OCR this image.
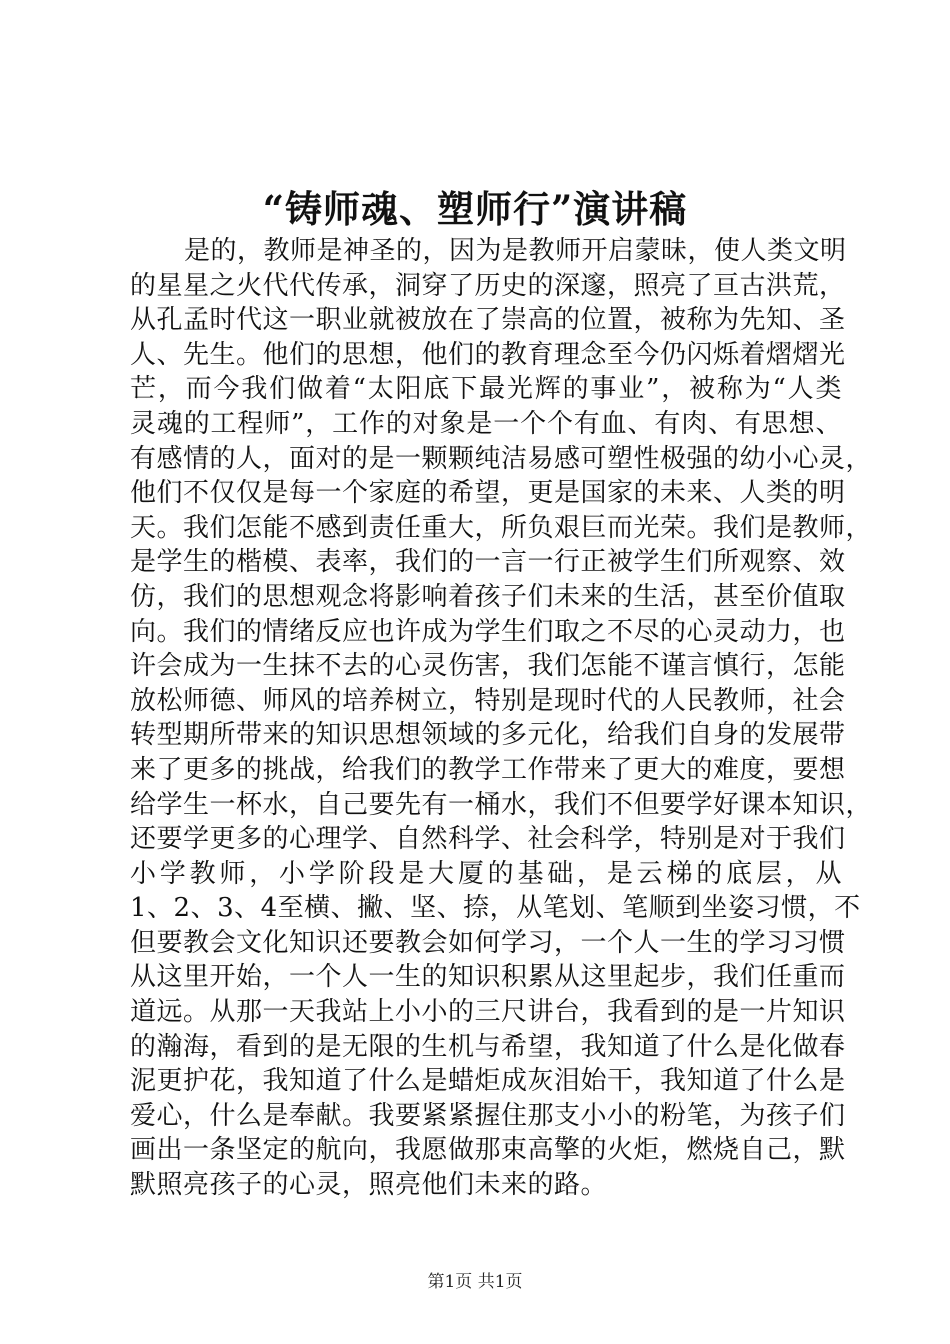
“铸师魂、塑师行”演讲稿
是的，教师是神圣的，因为是教师开启蒙昧，使人类文明
的星星之火代代传承，洞穿了历史的深邃，照亮了亘古洪荒，
从孔孟时代这一职业就被放在了崇高的位置，被称为先知、圣
人、先生。他们的思想，他们的教育理念至今仍闪烁着熠熠光
芒，而今我们做着“太阳底下最光辉的事业”，被称为“人类
灵魂的工程师”，工作的对象是一个个有血、有肉、有思想、
有感情的人，面对的是一颗颗纯洁易感可塑性极强的幼小心灵，
他们不仅仅是每一个家庭的希望，更是国家的未来、人类的明
天。我们怎能不感到责任重大，所负艰巨而光荣。我们是教师，
是学生的楷模、表率，我们的一言一行正被学生们所观察、效
仿，我们的思想观念将影响着孩子们未来的生活，甚至价值取
向。我们的情绪反应也许成为学生们取之不尽的心灵动力，也
许会成为一生抹不去的心灵伤害，我们怎能不谨言慎行，怎能
放松师德、师风的培养树立，特别是现时代的人民教师，社会
转型期所带来的知识思想领域的多元化，给我们自身的发展带
来了更多的挑战，给我们的教学工作带来了更大的难度，要想
给学生一杯水，自己要先有一桶水，我们不但要学好课本知识，
还要学更多的心理学、自然科学、社会科学，特别是对于我们
小学教师，小学阶段是大厦的基础，是云梯的底层，从
1、2、3、4至横、撇、坚、捺，从笔划、笔顺到坐姿习惯，不
但要教会文化知识还要教会如何学习，一个人一生的学习习惯
从这里开始，一个人一生的知识积累从这里起步，我们任重而
道远。从那一天我站上小小的三尺讲台，我看到的是一片知识
的瀚海，看到的是无限的生机与希望，我知道了什么是化做春
泥更护花，我知道了什么是蜡炬成灰泪始干，我知道了什么是
爱心，什么是奉献。我要紧紧握住那支小小的粉笔，为孩子们
画出一条坚定的航向，我愿做那束高擎的火炬，燃烧自己，默
默照亮孩子的心灵，照亮他们未来的路。
第1页 共1页
